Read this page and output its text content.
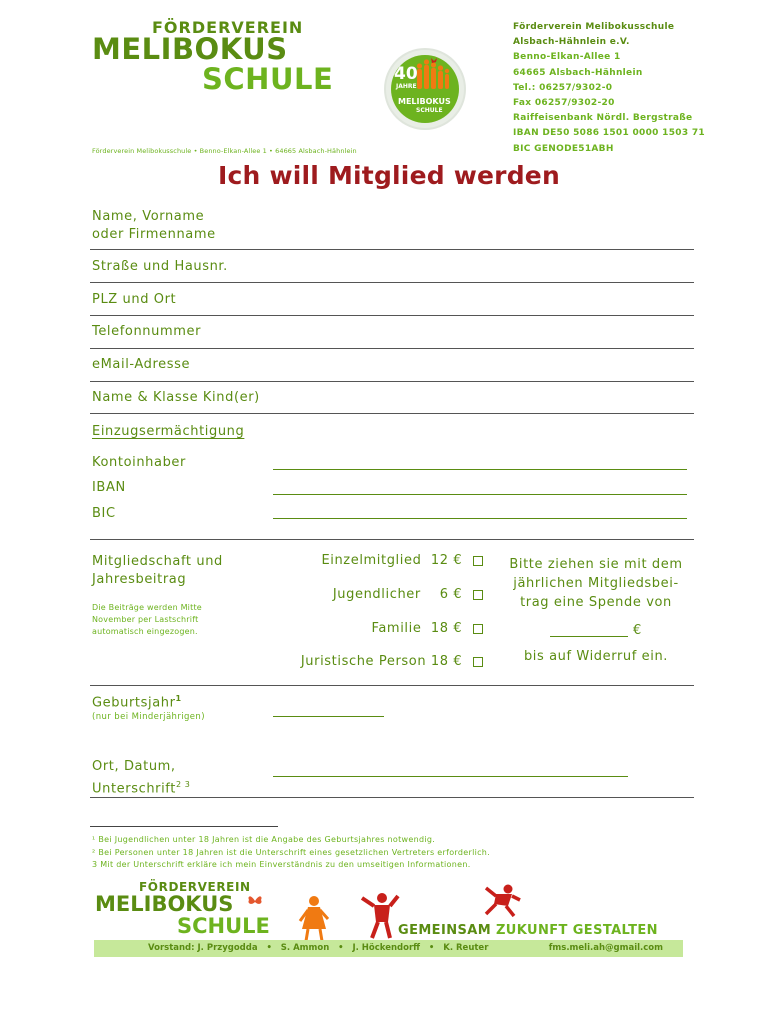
FÖRDERVEREIN
MELIBOKUS
SCHULE	40
JAHRE
MELIBOKUS
SCHULE
Förderverein Melibokusschule
Alsbach-Hähnlein e.V.
Benno-Elkan-Allee 1
64665 Alsbach-Hähnlein
Tel.: 06257/9302-0
Fax 06257/9302-20
Raiffeisenbank Nördl. Bergstraße
IBAN DE50 5086 1501 0000 1503 71
BIC GENODE51ABH
Förderverein Melibokusschule • Benno-Elkan-Allee 1 • 64665 Alsbach-Hähnlein
Ich will Mitglied werden
Name, Vorname
oder Firmenname
Straße und Hausnr.
PLZ und Ort
Telefonnummer
eMail-Adresse
Name & Klasse Kind(er)
Einzugsermächtigung
Kontoinhaber
IBAN
BIC
Mitgliedschaft und
Jahresbeitrag
Die Beiträge werden Mitte
November per Lastschrift
automatisch eingezogen.
Einzelmitglied 12 €
Jugendlicher 6 €
Familie 18 €
Juristische Person 18 €
Bitte ziehen sie mit dem
jährlichen Mitgliedsbei-
trag eine Spende von
€
bis auf Widerruf ein.
Geburtsjahr$^1$
(nur bei Minderjährigen)
Ort, Datum,
Unterschrift$^{2 3}$
¹ Bei Jugendlichen unter 18 Jahren ist die Angabe des Geburtsjahres notwendig.
² Bei Personen unter 18 Jahren ist die Unterschrift eines gesetzlichen Vertreters erforderlich.
3 Mit der Unterschrift erkläre ich mein Einverständnis zu den umseitigen Informationen.
FÖRDERVEREIN
MELIBOKUS
SCHULE	GEMEINSAM ZUKUNFT GESTALTEN
Vorstand: J. Przygodda   •   S. Ammon   •   J. Höckendorff   •   K. Reuter	fms.meli.ah@gmail.com
